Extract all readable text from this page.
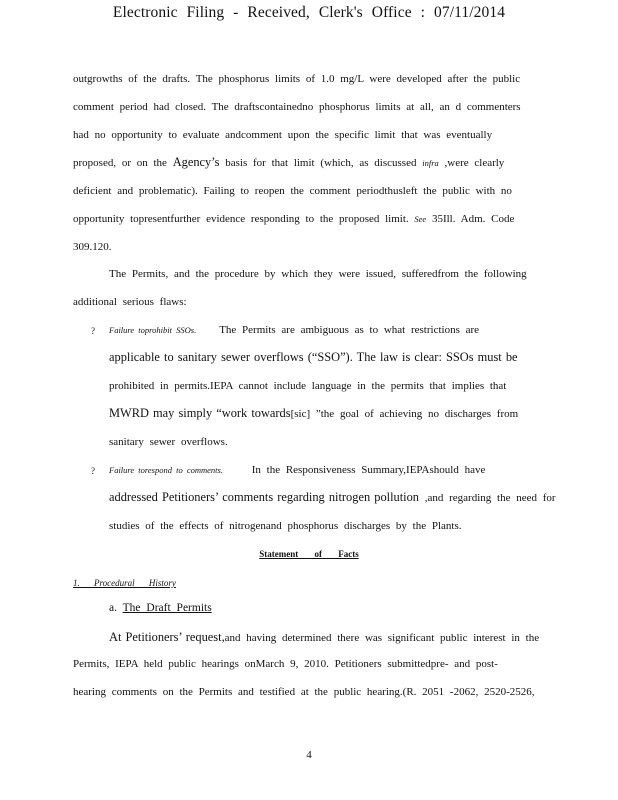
Electronic Filing - Received, Clerk's Office : 07/11/2014
outgrowths of the drafts. The phosphorus limits of 1.0 mg/L were developed after the public
comment period had closed. The draftscontainedno phosphorus limits at all, an d commenters
had no opportunity to evaluate andcomment upon the specific limit that was eventually
proposed, or on the Agency’s basis for that limit (which, as discussed infra ,were clearly
deficient and problematic). Failing to reopen the comment periodthusleft the public with no
opportunity topresentfurther evidence responding to the proposed limit. See 35Ill. Adm. Code
309.120.
The Permits, and the procedure by which they were issued, sufferedfrom the following
additional serious flaws:
? Failure toprohibit SSOs. The Permits are ambiguous as to what restrictions are
applicable to sanitary sewer overflows (“SSO”). The law is clear: SSOs must be
prohibited in permits.IEPA cannot include language in the permits that implies that
MWRD may simply “work towards[sic] ”the goal of achieving no discharges from
sanitary sewer overflows.
? Failure torespond to comments.	In the Responsiveness Summary,IEPAshould have
addressed Petitioners’ comments regarding nitrogen pollution ,and regarding the need for
studies of the effects of nitrogenand phosphorus discharges by the Plants.
Statement of Facts
1. Procedural History
a. The Draft Permits
At Petitioners’ request,and having determined there was significant public interest in the
Permits, IEPA held public hearings onMarch 9, 2010. Petitioners submittedpre- and post-
hearing comments on the Permits and testified at the public hearing.(R. 2051 -2062, 2520-2526,
4
